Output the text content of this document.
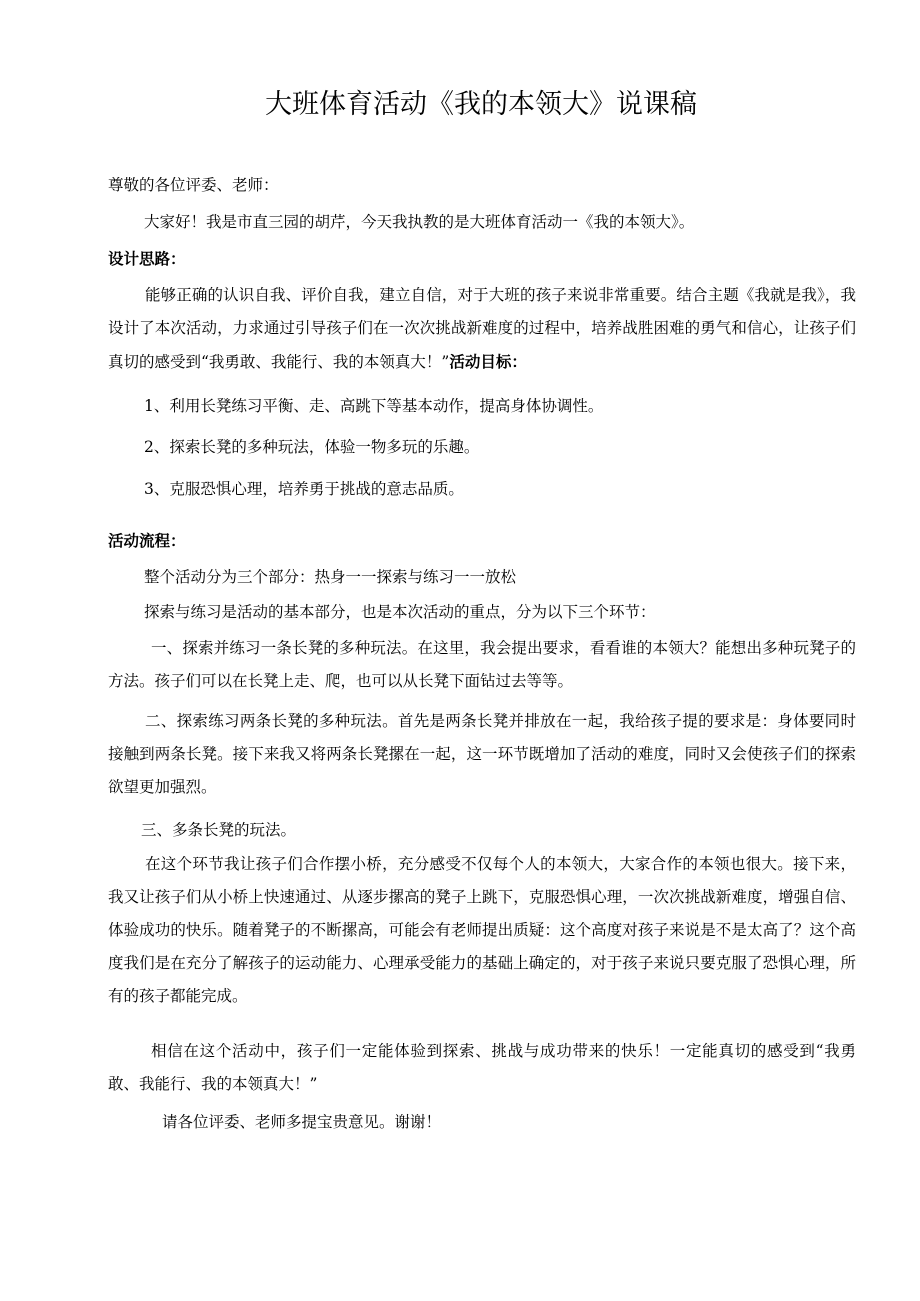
大班体育活动《我的本领大》说课稿
尊敬的各位评委、老师：
大家好！我是市直三园的胡芹，今天我执教的是大班体育活动一《我的本领大》。
设计思路：
能够正确的认识自我、评价自我，建立自信，对于大班的孩子来说非常重要。结合主题《我就是我》，我设计了本次活动，力求通过引导孩子们在一次次挑战新难度的过程中，培养战胜困难的勇气和信心，让孩子们真切的感受到“我勇敢、我能行、我的本领真大！”活动目标：
1、利用长凳练习平衡、走、高跳下等基本动作，提高身体协调性。
2、探索长凳的多种玩法，体验一物多玩的乐趣。
3、克服恐惧心理，培养勇于挑战的意志品质。
活动流程：
整个活动分为三个部分：热身一一探索与练习一一放松
探索与练习是活动的基本部分，也是本次活动的重点，分为以下三个环节：
一、探索并练习一条长凳的多种玩法。在这里，我会提出要求，看看谁的本领大？能想出多种玩凳子的方法。孩子们可以在长凳上走、爬，也可以从长凳下面钻过去等等。
二、探索练习两条长凳的多种玩法。首先是两条长凳并排放在一起，我给孩子提的要求是：身体要同时接触到两条长凳。接下来我又将两条长凳摞在一起，这一环节既增加了活动的难度，同时又会使孩子们的探索欲望更加强烈。
三、多条长凳的玩法。
在这个环节我让孩子们合作摆小桥，充分感受不仅每个人的本领大，大家合作的本领也很大。接下来，我又让孩子们从小桥上快速通过、从逐步摞高的凳子上跳下，克服恐惧心理，一次次挑战新难度，增强自信、体验成功的快乐。随着凳子的不断摞高，可能会有老师提出质疑：这个高度对孩子来说是不是太高了？这个高度我们是在充分了解孩子的运动能力、心理承受能力的基础上确定的，对于孩子来说只要克服了恐惧心理，所有的孩子都能完成。
相信在这个活动中，孩子们一定能体验到探索、挑战与成功带来的快乐！一定能真切的感受到“我勇敢、我能行、我的本领真大！”
请各位评委、老师多提宝贵意见。谢谢！
